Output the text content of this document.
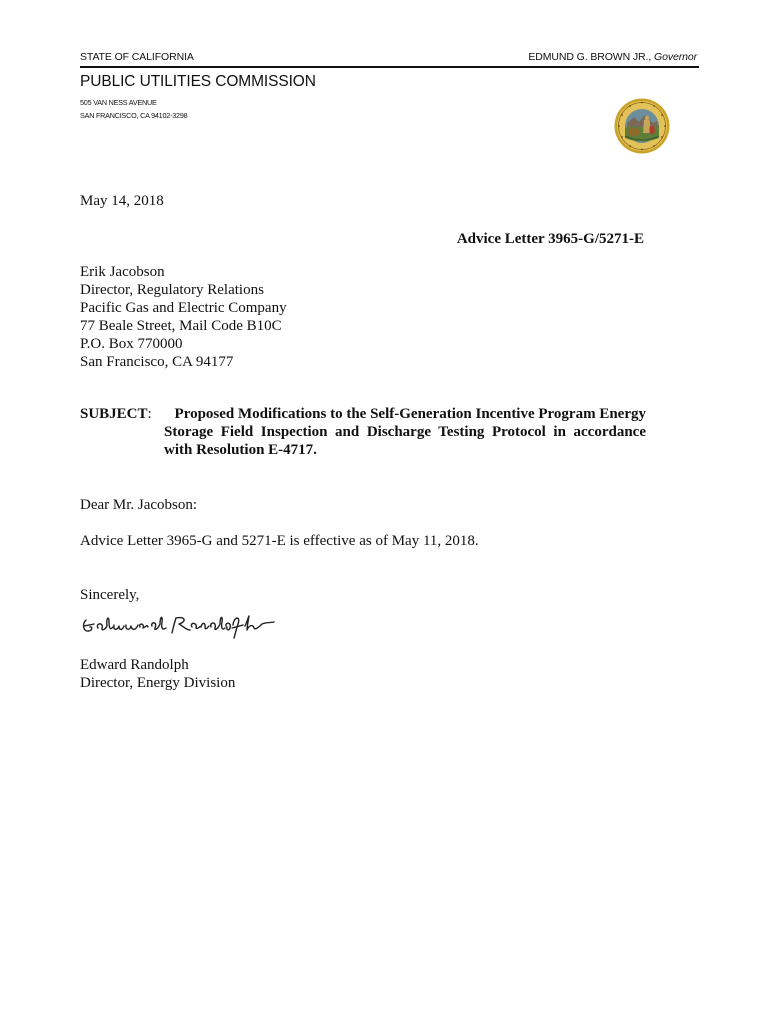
STATE OF CALIFORNIA	EDMUND G. BROWN JR., Governor
PUBLIC UTILITIES COMMISSION
505 VAN NESS AVENUE
SAN FRANCISCO, CA 94102-3298
May 14, 2018
Advice Letter 3965-G/5271-E
Erik Jacobson
Director, Regulatory Relations
Pacific Gas and Electric Company
77 Beale Street, Mail Code B10C
P.O. Box 770000
San Francisco, CA 94177
SUBJECT: Proposed Modifications to the Self-Generation Incentive Program Energy
Storage Field Inspection and Discharge Testing Protocol in accordance
with Resolution E-4717.
Dear Mr. Jacobson:
Advice Letter 3965-G and 5271-E is effective as of May 11, 2018.
Sincerely,
Edward Randolph
Director, Energy Division
